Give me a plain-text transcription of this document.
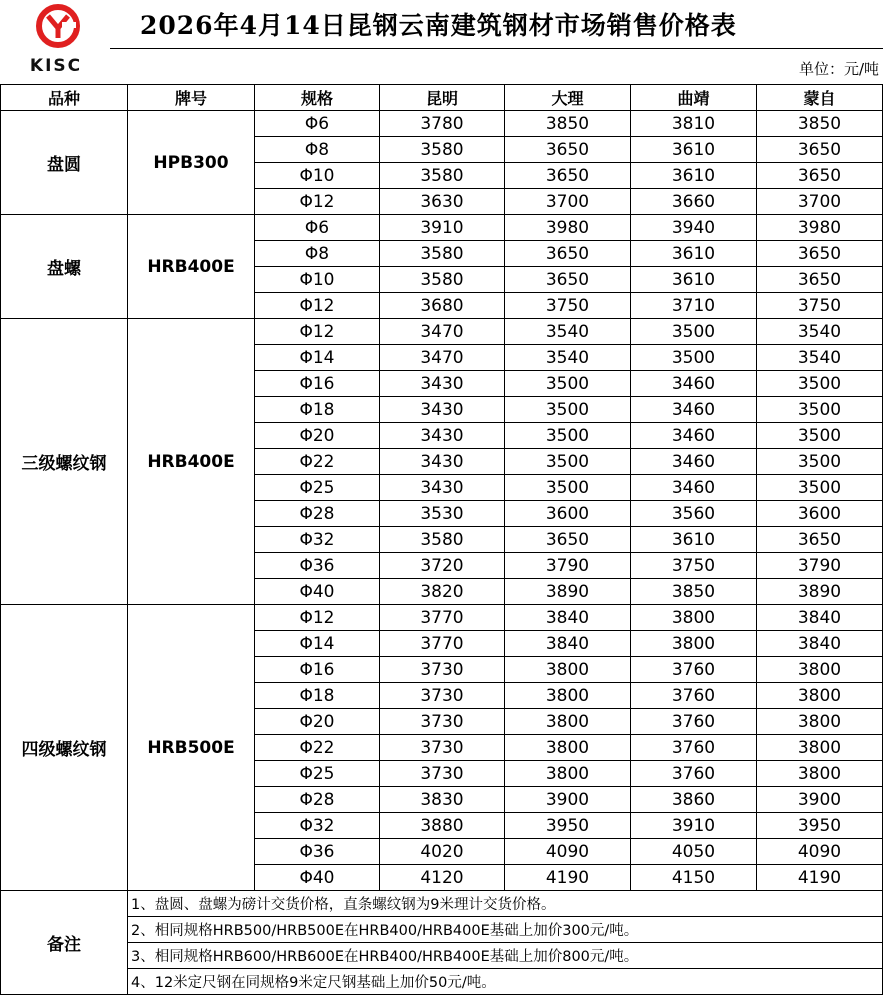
KISC
2026年4月14日昆钢云南建筑钢材市场销售价格表
单位：元/吨
品种	牌号	规格	昆明	大理	曲靖	蒙自
盘圆	HPB300	Φ6	3780	3850	3810	3850
		Φ8	3580	3650	3610	3650
		Φ10	3580	3650	3610	3650
		Φ12	3630	3700	3660	3700
盘螺	HRB400E	Φ6	3910	3980	3940	3980
		Φ8	3580	3650	3610	3650
		Φ10	3580	3650	3610	3650
		Φ12	3680	3750	3710	3750
三级螺纹钢	HRB400E	Φ12	3470	3540	3500	3540
		Φ14	3470	3540	3500	3540
		Φ16	3430	3500	3460	3500
		Φ18	3430	3500	3460	3500
		Φ20	3430	3500	3460	3500
		Φ22	3430	3500	3460	3500
		Φ25	3430	3500	3460	3500
		Φ28	3530	3600	3560	3600
		Φ32	3580	3650	3610	3650
		Φ36	3720	3790	3750	3790
		Φ40	3820	3890	3850	3890
四级螺纹钢	HRB500E	Φ12	3770	3840	3800	3840
		Φ14	3770	3840	3800	3840
		Φ16	3730	3800	3760	3800
		Φ18	3730	3800	3760	3800
		Φ20	3730	3800	3760	3800
		Φ22	3730	3800	3760	3800
		Φ25	3730	3800	3760	3800
		Φ28	3830	3900	3860	3900
		Φ32	3880	3950	3910	3950
		Φ36	4020	4090	4050	4090
		Φ40	4120	4190	4150	4190
备注	1、盘圆、盘螺为磅计交货价格，直条螺纹钢为9米理计交货价格。					
	2、相同规格HRB500/HRB500E在HRB400/HRB400E基础上加价300元/吨。					
	3、相同规格HRB600/HRB600E在HRB400/HRB400E基础上加价800元/吨。					
	4、12米定尺钢在同规格9米定尺钢基础上加价50元/吨。					
